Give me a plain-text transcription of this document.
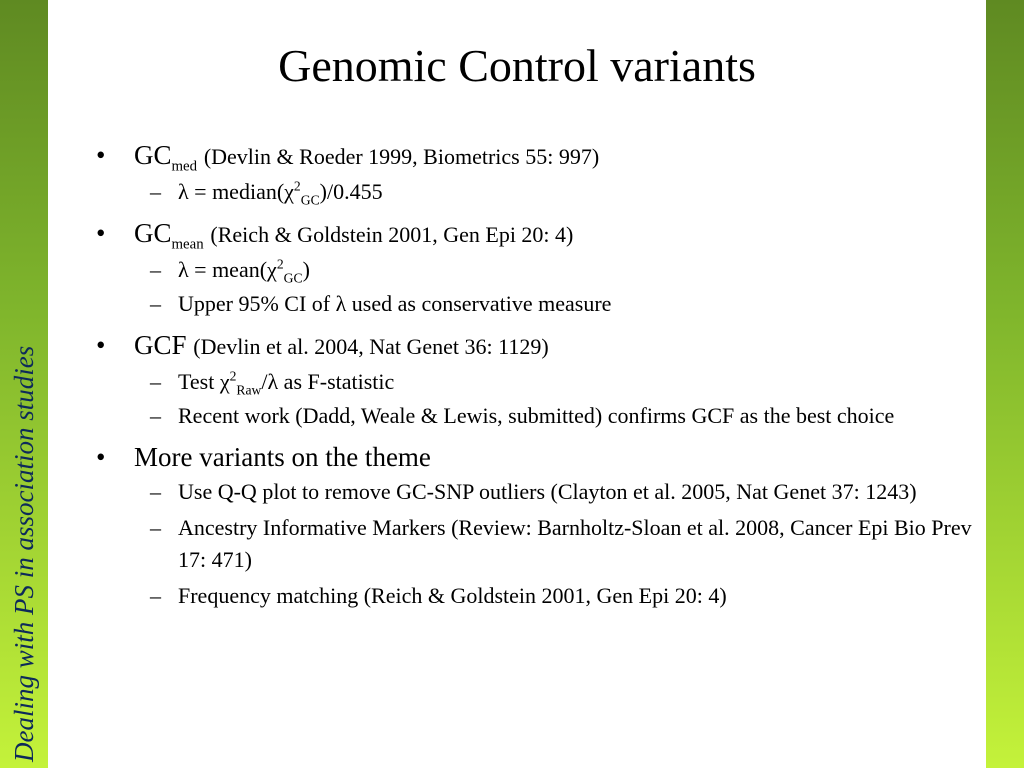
Dealing with PS in association studies
Genomic Control variants
• $GC_{med}$ (Devlin & Roeder 1999, Biometrics 55: 997)
– $\lambda = median(\chi^2_{GC})/0.455$
• $GC_{mean}$ (Reich & Goldstein 2001, Gen Epi 20: 4)
– $\lambda = mean(\chi^2_{GC})$
– Upper 95% CI of λ used as conservative measure
• GCF (Devlin et al. 2004, Nat Genet 36: 1129)
– Test $\chi^2_{Raw}/\lambda$ as F-statistic
– Recent work (Dadd, Weale & Lewis, submitted) confirms GCF as the best choice
• More variants on the theme
– Use Q-Q plot to remove GC-SNP outliers (Clayton et al. 2005, Nat Genet 37: 1243)
– Ancestry Informative Markers (Review: Barnholtz-Sloan et al. 2008, Cancer Epi Bio Prev 17: 471)
– Frequency matching (Reich & Goldstein 2001, Gen Epi 20: 4)
